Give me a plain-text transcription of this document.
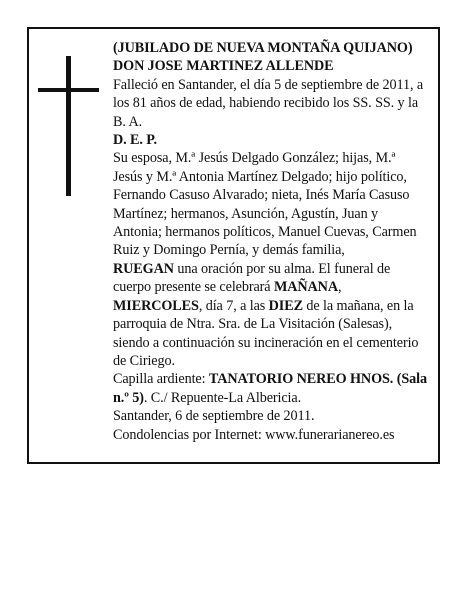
(JUBILADO DE NUEVA MONTAÑA QUIJANO)

DON JOSE MARTINEZ ALLENDE

Falleció en Santander, el día 5 de septiembre de 2011, a los 81 años de edad, habiendo recibido los SS. SS. y la B. A.

D. E. P.

Su esposa, M.ª Jesús Delgado González; hijas, M.ª Jesús y M.ª Antonia Martínez Delgado; hijo político, Fernando Casuso Alvarado; nieta, Inés María Casuso Martínez; hermanos, Asunción, Agustín, Juan y Antonia; hermanos políticos, Manuel Cuevas, Carmen Ruiz y Domingo Pernía, y demás familia,

RUEGAN una oración por su alma. El funeral de cuerpo presente se celebrará MAÑANA, MIERCOLES, día 7, a las DIEZ de la mañana, en la parroquia de Ntra. Sra. de La Visitación (Salesas), siendo a continuación su incineración en el cementerio de Ciriego.

Capilla ardiente: TANATORIO NEREO HNOS. (Sala n.º 5). C./ Repuente-La Albericia.

Santander, 6 de septiembre de 2011.

Condolencias por Internet: www.funerarianereo.es
